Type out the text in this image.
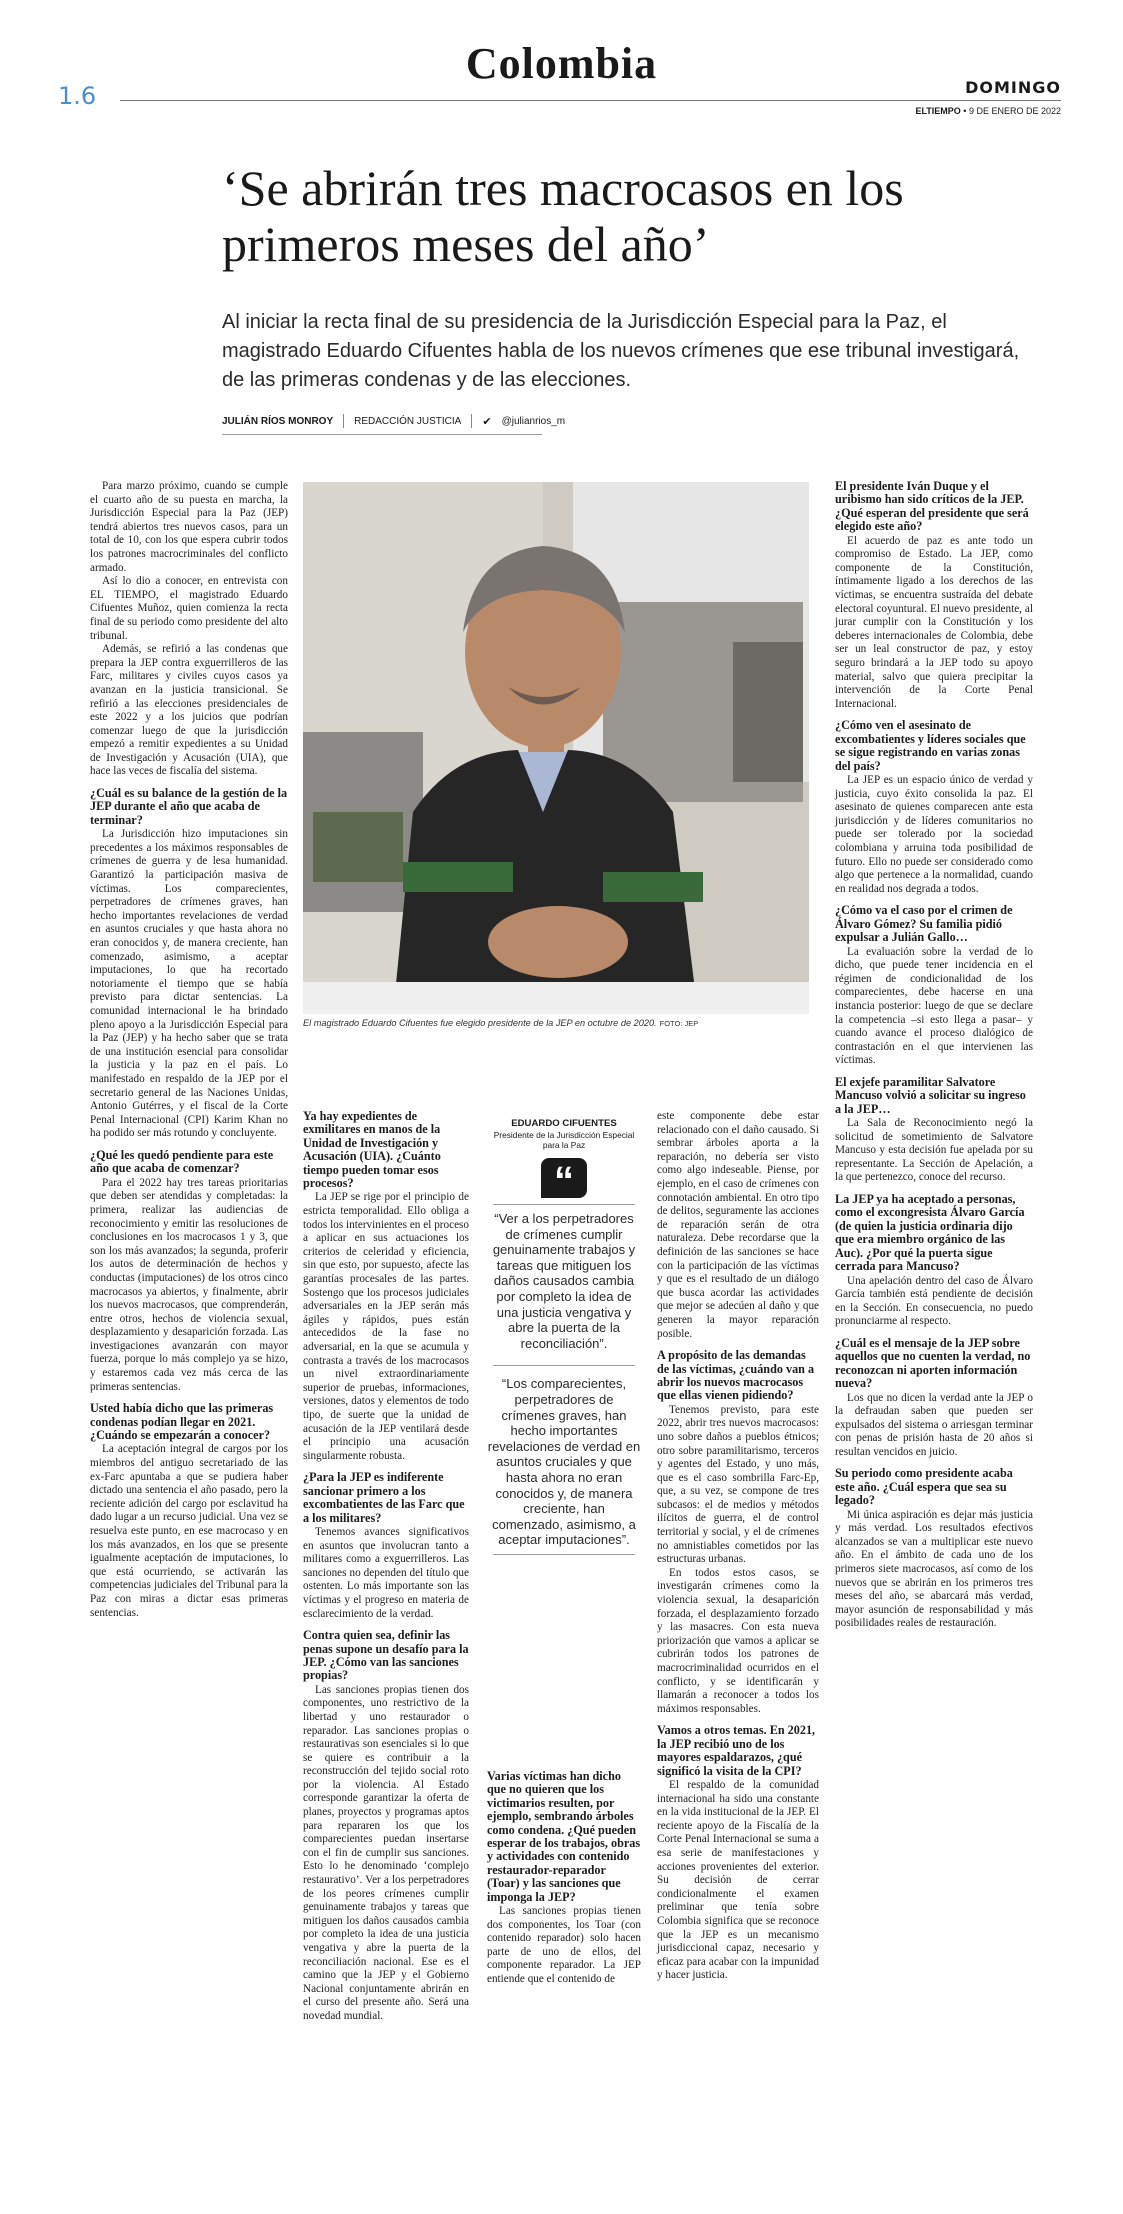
1.6
Colombia	DOMINGO
ELTIEMPO • 9 DE ENERO DE 2022
‘Se abrirán tres macrocasos en los primeros meses del año’
Al iniciar la recta final de su presidencia de la Jurisdicción Especial para la Paz, el magistrado Eduardo Cifuentes habla de los nuevos crímenes que ese tribunal investigará, de las primeras condenas y de las elecciones.
JULIÁN RÍOS MONROY REDACCIÓN JUSTICIA ✔ @julianrios_m

Para marzo próximo, cuando se cumple el cuarto año de su puesta en marcha, la Jurisdicción Especial para la Paz (JEP) tendrá abiertos tres nuevos casos, para un total de 10, con los que espera cubrir todos los patrones macrocriminales del conflicto armado.

Así lo dio a conocer, en entrevista con EL TIEMPO, el magistrado Eduardo Cifuentes Muñoz, quien comienza la recta final de su periodo como presidente del alto tribunal.

Además, se refirió a las condenas que prepara la JEP contra exguerrilleros de las Farc, militares y civiles cuyos casos ya avanzan en la justicia transicional. Se refirió a las elecciones presidenciales de este 2022 y a los juicios que podrían comenzar luego de que la jurisdicción empezó a remitir expedientes a su Unidad de Investigación y Acusación (UIA), que hace las veces de fiscalía del sistema.

¿Cuál es su balance de la gestión de la JEP durante el año que acaba de terminar?

La Jurisdicción hizo imputaciones sin precedentes a los máximos responsables de crímenes de guerra y de lesa humanidad. Garantizó la participación masiva de víctimas. Los comparecientes, perpetradores de crímenes graves, han hecho importantes revelaciones de verdad en asuntos cruciales y que hasta ahora no eran conocidos y, de manera creciente, han comenzado, asimismo, a aceptar imputaciones, lo que ha recortado notoriamente el tiempo que se había previsto para dictar sentencias. La comunidad internacional le ha brindado pleno apoyo a la Jurisdicción Especial para la Paz (JEP) y ha hecho saber que se trata de una institución esencial para consolidar la justicia y la paz en el país. Lo manifestado en respaldo de la JEP por el secretario general de las Naciones Unidas, Antonio Gutérres, y el fiscal de la Corte Penal Internacional (CPI) Karim Khan no ha podido ser más rotundo y concluyente.

¿Qué les quedó pendiente para este año que acaba de comenzar?

Para el 2022 hay tres tareas prioritarias que deben ser atendidas y completadas: la primera, realizar las audiencias de reconocimiento y emitir las resoluciones de conclusiones en los macrocasos 1 y 3, que son los más avanzados; la segunda, proferir los autos de determinación de hechos y conductas (imputaciones) de los otros cinco macrocasos ya abiertos, y finalmente, abrir los nuevos macrocasos, que comprenderán, entre otros, hechos de violencia sexual, desplazamiento y desaparición forzada. Las investigaciones avanzarán con mayor fuerza, porque lo más complejo ya se hizo, y estaremos cada vez más cerca de las primeras sentencias.

Usted había dicho que las primeras condenas podían llegar en 2021. ¿Cuándo se empezarán a conocer?

La aceptación integral de cargos por los miembros del antiguo secretariado de las ex-Farc apuntaba a que se pudiera haber dictado una sentencia el año pasado, pero la reciente adición del cargo por esclavitud ha dado lugar a un recurso judicial. Una vez se resuelva este punto, en ese macrocaso y en los más avanzados, en los que se presente igualmente aceptación de imputaciones, lo que está ocurriendo, se activarán las competencias judiciales del Tribunal para la Paz con miras a dictar esas primeras sentencias.

El magistrado Eduardo Cifuentes fue elegido presidente de la JEP en octubre de 2020. FOTO: JEP
Ya hay expedientes de exmilitares en manos de la Unidad de Investigación y Acusación (UIA). ¿Cuánto tiempo pueden tomar esos procesos?

La JEP se rige por el principio de estricta temporalidad. Ello obliga a todos los intervinientes en el proceso a aplicar en sus actuaciones los criterios de celeridad y eficiencia, sin que esto, por supuesto, afecte las garantías procesales de las partes. Sostengo que los procesos judiciales adversariales en la JEP serán más ágiles y rápidos, pues están antecedidos de la fase no adversarial, en la que se acumula y contrasta a través de los macrocasos un nivel extraordinariamente superior de pruebas, informaciones, versiones, datos y elementos de todo tipo, de suerte que la unidad de acusación de la JEP ventilará desde el principio una acusación singularmente robusta.

¿Para la JEP es indiferente sancionar primero a los excombatientes de las Farc que a los militares?

Tenemos avances significativos en asuntos que involucran tanto a militares como a exguerrilleros. Las sanciones no dependen del título que ostenten. Lo más importante son las víctimas y el progreso en materia de esclarecimiento de la verdad.

Contra quien sea, definir las penas supone un desafío para la JEP. ¿Cómo van las sanciones propias?

Las sanciones propias tienen dos componentes, uno restrictivo de la libertad y uno restaurador o reparador. Las sanciones propias o restaurativas son esenciales si lo que se quiere es contribuir a la reconstrucción del tejido social roto por la violencia. Al Estado corresponde garantizar la oferta de planes, proyectos y programas aptos para repararen los que los comparecientes puedan insertarse con el fin de cumplir sus sanciones. Esto lo he denominado ‘complejo restaurativo’. Ver a los perpetradores de los peores crímenes cumplir genuinamente trabajos y tareas que mitiguen los daños causados cambia por completo la idea de una justicia vengativa y abre la puerta de la reconciliación nacional. Ese es el camino que la JEP y el Gobierno Nacional conjuntamente abrirán en el curso del presente año. Será una novedad mundial.

EDUARDO CIFUENTES
Presidente de la Jurisdicción Especial para la Paz
“
“Ver a los perpetradores de crímenes cumplir genuinamente trabajos y tareas que mitiguen los daños causados cambia por completo la idea de una justicia vengativa y abre la puerta de la reconciliación”.
“Los comparecientes, perpetradores de crímenes graves, han hecho importantes revelaciones de verdad en asuntos cruciales y que hasta ahora no eran conocidos y, de manera creciente, han comenzado, asimismo, a aceptar imputaciones”.
Varias víctimas han dicho que no quieren que los victimarios resulten, por ejemplo, sembrando árboles como condena. ¿Qué pueden esperar de los trabajos, obras y actividades con contenido restaurador-reparador (Toar) y las sanciones que imponga la JEP?

Las sanciones propias tienen dos componentes, los Toar (con contenido reparador) solo hacen parte de uno de ellos, del componente reparador. La JEP entiende que el contenido de

este componente debe estar relacionado con el daño causado. Si sembrar árboles aporta a la reparación, no debería ser visto como algo indeseable. Piense, por ejemplo, en el caso de crímenes con connotación ambiental. En otro tipo de delitos, seguramente las acciones de reparación serán de otra naturaleza. Debe recordarse que la definición de las sanciones se hace con la participación de las víctimas y que es el resultado de un diálogo que busca acordar las actividades que mejor se adecúen al daño y que generen la mayor reparación posible.

A propósito de las demandas de las víctimas, ¿cuándo van a abrir los nuevos macrocasos que ellas vienen pidiendo?

Tenemos previsto, para este 2022, abrir tres nuevos macrocasos: uno sobre daños a pueblos étnicos; otro sobre paramilitarismo, terceros y agentes del Estado, y uno más, que es el caso sombrilla Farc-Ep, que, a su vez, se compone de tres subcasos: el de medios y métodos ilícitos de guerra, el de control territorial y social, y el de crímenes no amnistiables cometidos por las estructuras urbanas.

En todos estos casos, se investigarán crímenes como la violencia sexual, la desaparición forzada, el desplazamiento forzado y las masacres. Con esta nueva priorización que vamos a aplicar se cubrirán todos los patrones de macrocriminalidad ocurridos en el conflicto, y se identificarán y llamarán a reconocer a todos los máximos responsables.

Vamos a otros temas. En 2021, la JEP recibió uno de los mayores espaldarazos, ¿qué significó la visita de la CPI?

El respaldo de la comunidad internacional ha sido una constante en la vida institucional de la JEP. El reciente apoyo de la Fiscalía de la Corte Penal Internacional se suma a esa serie de manifestaciones y acciones provenientes del exterior. Su decisión de cerrar condicionalmente el examen preliminar que tenía sobre Colombia significa que se reconoce que la JEP es un mecanismo jurisdiccional capaz, necesario y eficaz para acabar con la impunidad y hacer justicia.

El presidente Iván Duque y el uribismo han sido críticos de la JEP. ¿Qué esperan del presidente que será elegido este año?

El acuerdo de paz es ante todo un compromiso de Estado. La JEP, como componente de la Constitución, íntimamente ligado a los derechos de las víctimas, se encuentra sustraída del debate electoral coyuntural. El nuevo presidente, al jurar cumplir con la Constitución y los deberes internacionales de Colombia, debe ser un leal constructor de paz, y estoy seguro brindará a la JEP todo su apoyo material, salvo que quiera precipitar la intervención de la Corte Penal Internacional.

¿Cómo ven el asesinato de excombatientes y líderes sociales que se sigue registrando en varias zonas del país?

La JEP es un espacio único de verdad y justicia, cuyo éxito consolida la paz. El asesinato de quienes comparecen ante esta jurisdicción y de líderes comunitarios no puede ser tolerado por la sociedad colombiana y arruina toda posibilidad de futuro. Ello no puede ser considerado como algo que pertenece a la normalidad, cuando en realidad nos degrada a todos.

¿Cómo va el caso por el crimen de Álvaro Gómez? Su familia pidió expulsar a Julián Gallo…

La evaluación sobre la verdad de lo dicho, que puede tener incidencia en el régimen de condicionalidad de los comparecientes, debe hacerse en una instancia posterior: luego de que se declare la competencia –si esto llega a pasar– y cuando avance el proceso dialógico de contrastación en el que intervienen las víctimas.

El exjefe paramilitar Salvatore Mancuso volvió a solicitar su ingreso a la JEP…

La Sala de Reconocimiento negó la solicitud de sometimiento de Salvatore Mancuso y esta decisión fue apelada por su representante. La Sección de Apelación, a la que pertenezco, conoce del recurso.

La JEP ya ha aceptado a personas, como el excongresista Álvaro García (de quien la justicia ordinaria dijo que era miembro orgánico de las Auc). ¿Por qué la puerta sigue cerrada para Mancuso?

Una apelación dentro del caso de Álvaro García también está pendiente de decisión en la Sección. En consecuencia, no puedo pronunciarme al respecto.

¿Cuál es el mensaje de la JEP sobre aquellos que no cuenten la verdad, no reconozcan ni aporten información nueva?

Los que no dicen la verdad ante la JEP o la defraudan saben que pueden ser expulsados del sistema o arriesgan terminar con penas de prisión hasta de 20 años si resultan vencidos en juicio.

Su periodo como presidente acaba este año. ¿Cuál espera que sea su legado?

Mi única aspiración es dejar más justicia y más verdad. Los resultados efectivos alcanzados se van a multiplicar este nuevo año. En el ámbito de cada uno de los primeros siete macrocasos, así como de los nuevos que se abrirán en los primeros tres meses del año, se abarcará más verdad, mayor asunción de responsabilidad y más posibilidades reales de restauración.
